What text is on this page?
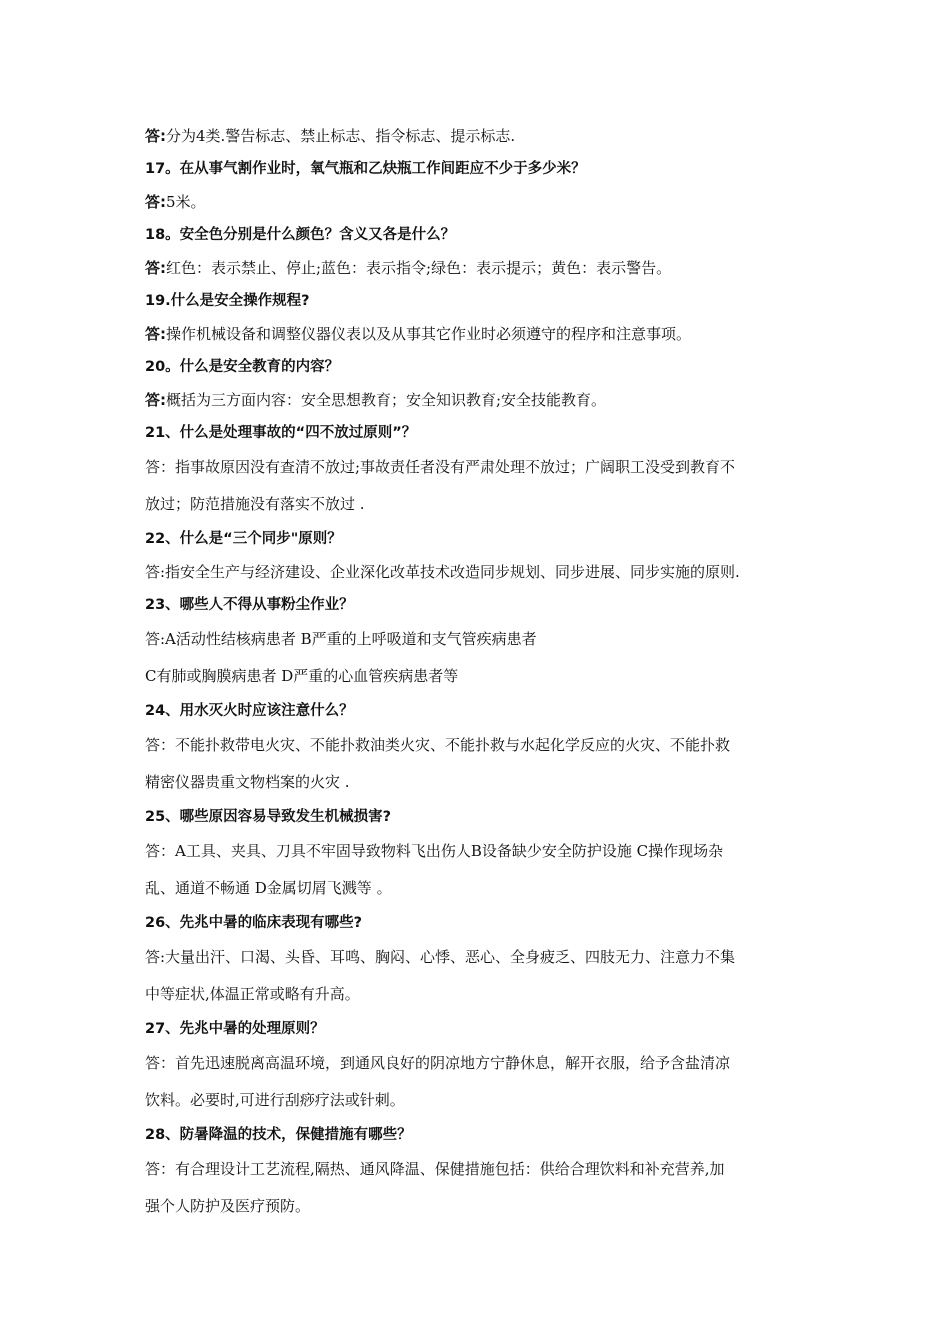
答:分为4类.警告标志、禁止标志、指令标志、提示标志.
17。在从事气割作业时，氧气瓶和乙炔瓶工作间距应不少于多少米？
答:5米。
18。安全色分别是什么颜色？含义又各是什么？
答:红色：表示禁止、停止;蓝色：表示指令;绿色：表示提示；黄色：表示警告。
19.什么是安全操作规程?
答:操作机械设备和调整仪器仪表以及从事其它作业时必须遵守的程序和注意事项。
20。什么是安全教育的内容？
答:概括为三方面内容：安全思想教育；安全知识教育;安全技能教育。
21、什么是处理事故的“四不放过原则”？
答：指事故原因没有查清不放过;事故责任者没有严肃处理不放过；广阔职工没受到教育不
放过；防范措施没有落实不放过 .
22、什么是“三个同步"原则？
答:指安全生产与经济建设、企业深化改革技术改造同步规划、同步进展、同步实施的原则.
23、哪些人不得从事粉尘作业？
答:A活动性结核病患者 B严重的上呼吸道和支气管疾病患者
C有肺或胸膜病患者 D严重的心血管疾病患者等
24、用水灭火时应该注意什么？
答：不能扑救带电火灾、不能扑救油类火灾、不能扑救与水起化学反应的火灾、不能扑救
精密仪器贵重文物档案的火灾 .
25、哪些原因容易导致发生机械损害?
答：A工具、夹具、刀具不牢固导致物料飞出伤人B设备缺少安全防护设施 C操作现场杂
乱、通道不畅通 D金属切屑飞溅等 。
26、先兆中暑的临床表现有哪些?
答:大量出汗、口渴、头昏、耳鸣、胸闷、心悸、恶心、全身疲乏、四肢无力、注意力不集
中等症状,体温正常或略有升高。
27、先兆中暑的处理原则？
答：首先迅速脱离高温环境，到通风良好的阴凉地方宁静休息，解开衣服，给予含盐清凉
饮料。必要时,可进行刮痧疗法或针刺。
28、防暑降温的技术，保健措施有哪些？
答：有合理设计工艺流程,隔热、通风降温、保健措施包括：供给合理饮料和补充营养,加
强个人防护及医疗预防。
